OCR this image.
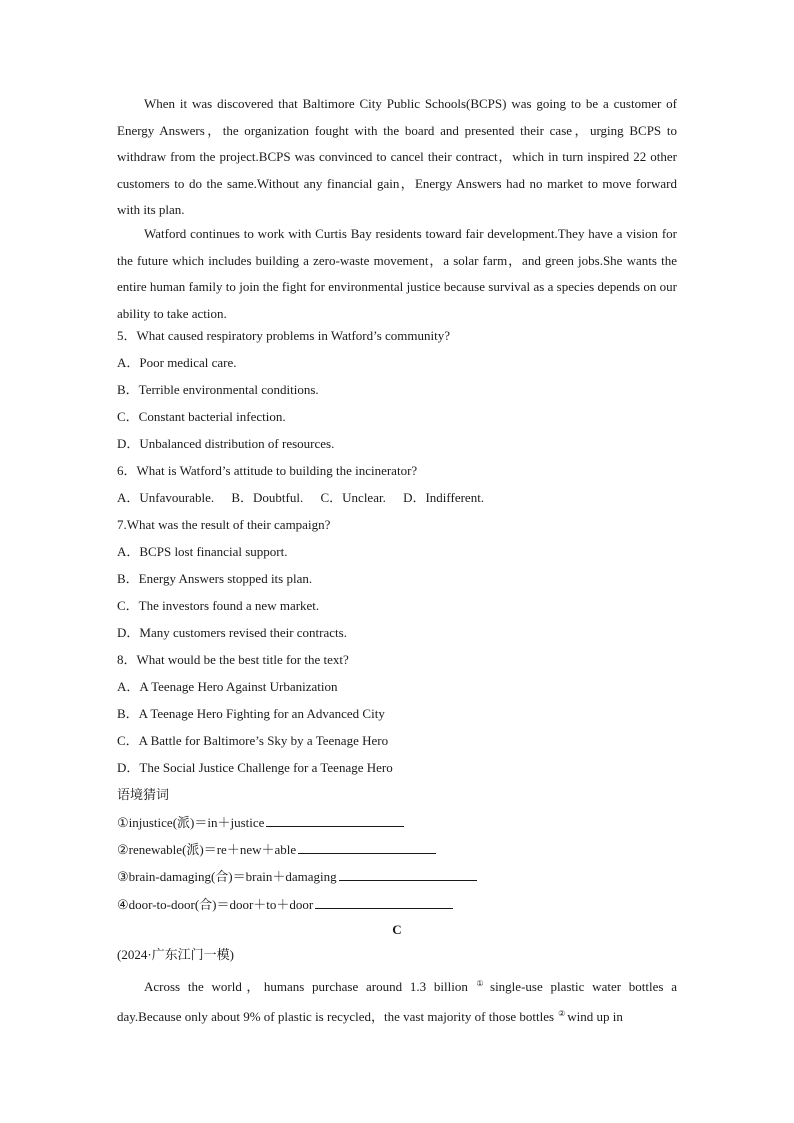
When it was discovered that Baltimore City Public Schools(BCPS) was going to be a customer of Energy Answers，the organization fought with the board and presented their case，urging BCPS to withdraw from the project.BCPS was convinced to cancel their contract，which in turn inspired 22 other customers to do the same.Without any financial gain，Energy Answers had no market to move forward with its plan.

Watford continues to work with Curtis Bay residents toward fair development.They have a vision for the future which includes building a zero-waste movement，a solar farm，and green jobs.She wants the entire human family to join the fight for environmental justice because survival as a species depends on our ability to take action.

5．What caused respiratory problems in Watford’s community?
A．Poor medical care.
B．Terrible environmental conditions.
C．Constant bacterial infection.
D．Unbalanced distribution of resources.
6．What is Watford’s attitude to building the incinerator?
A．Unfavourable. B．Doubtful. C．Unclear. D．Indifferent.
7.What was the result of their campaign?
A．BCPS lost financial support.
B．Energy Answers stopped its plan.
C．The investors found a new market.
D．Many customers revised their contracts.
8．What would be the best title for the text?
A．A Teenage Hero Against Urbanization
B．A Teenage Hero Fighting for an Advanced City
C．A Battle for Baltimore’s Sky by a Teenage Hero
D．The Social Justice Challenge for a Teenage Hero
语境猜词
①injustice(派)＝in＋justice
②renewable(派)＝re＋new＋able
③brain-damaging(合)＝brain＋damaging
④door-to-door(合)＝door＋to＋door
C
(2024·广东江门一模)

Across the world，humans purchase around 1.3 billion ① single-use plastic water bottles a day.Because only about 9% of plastic is recycled，the vast majority of those bottles ② wind up in
